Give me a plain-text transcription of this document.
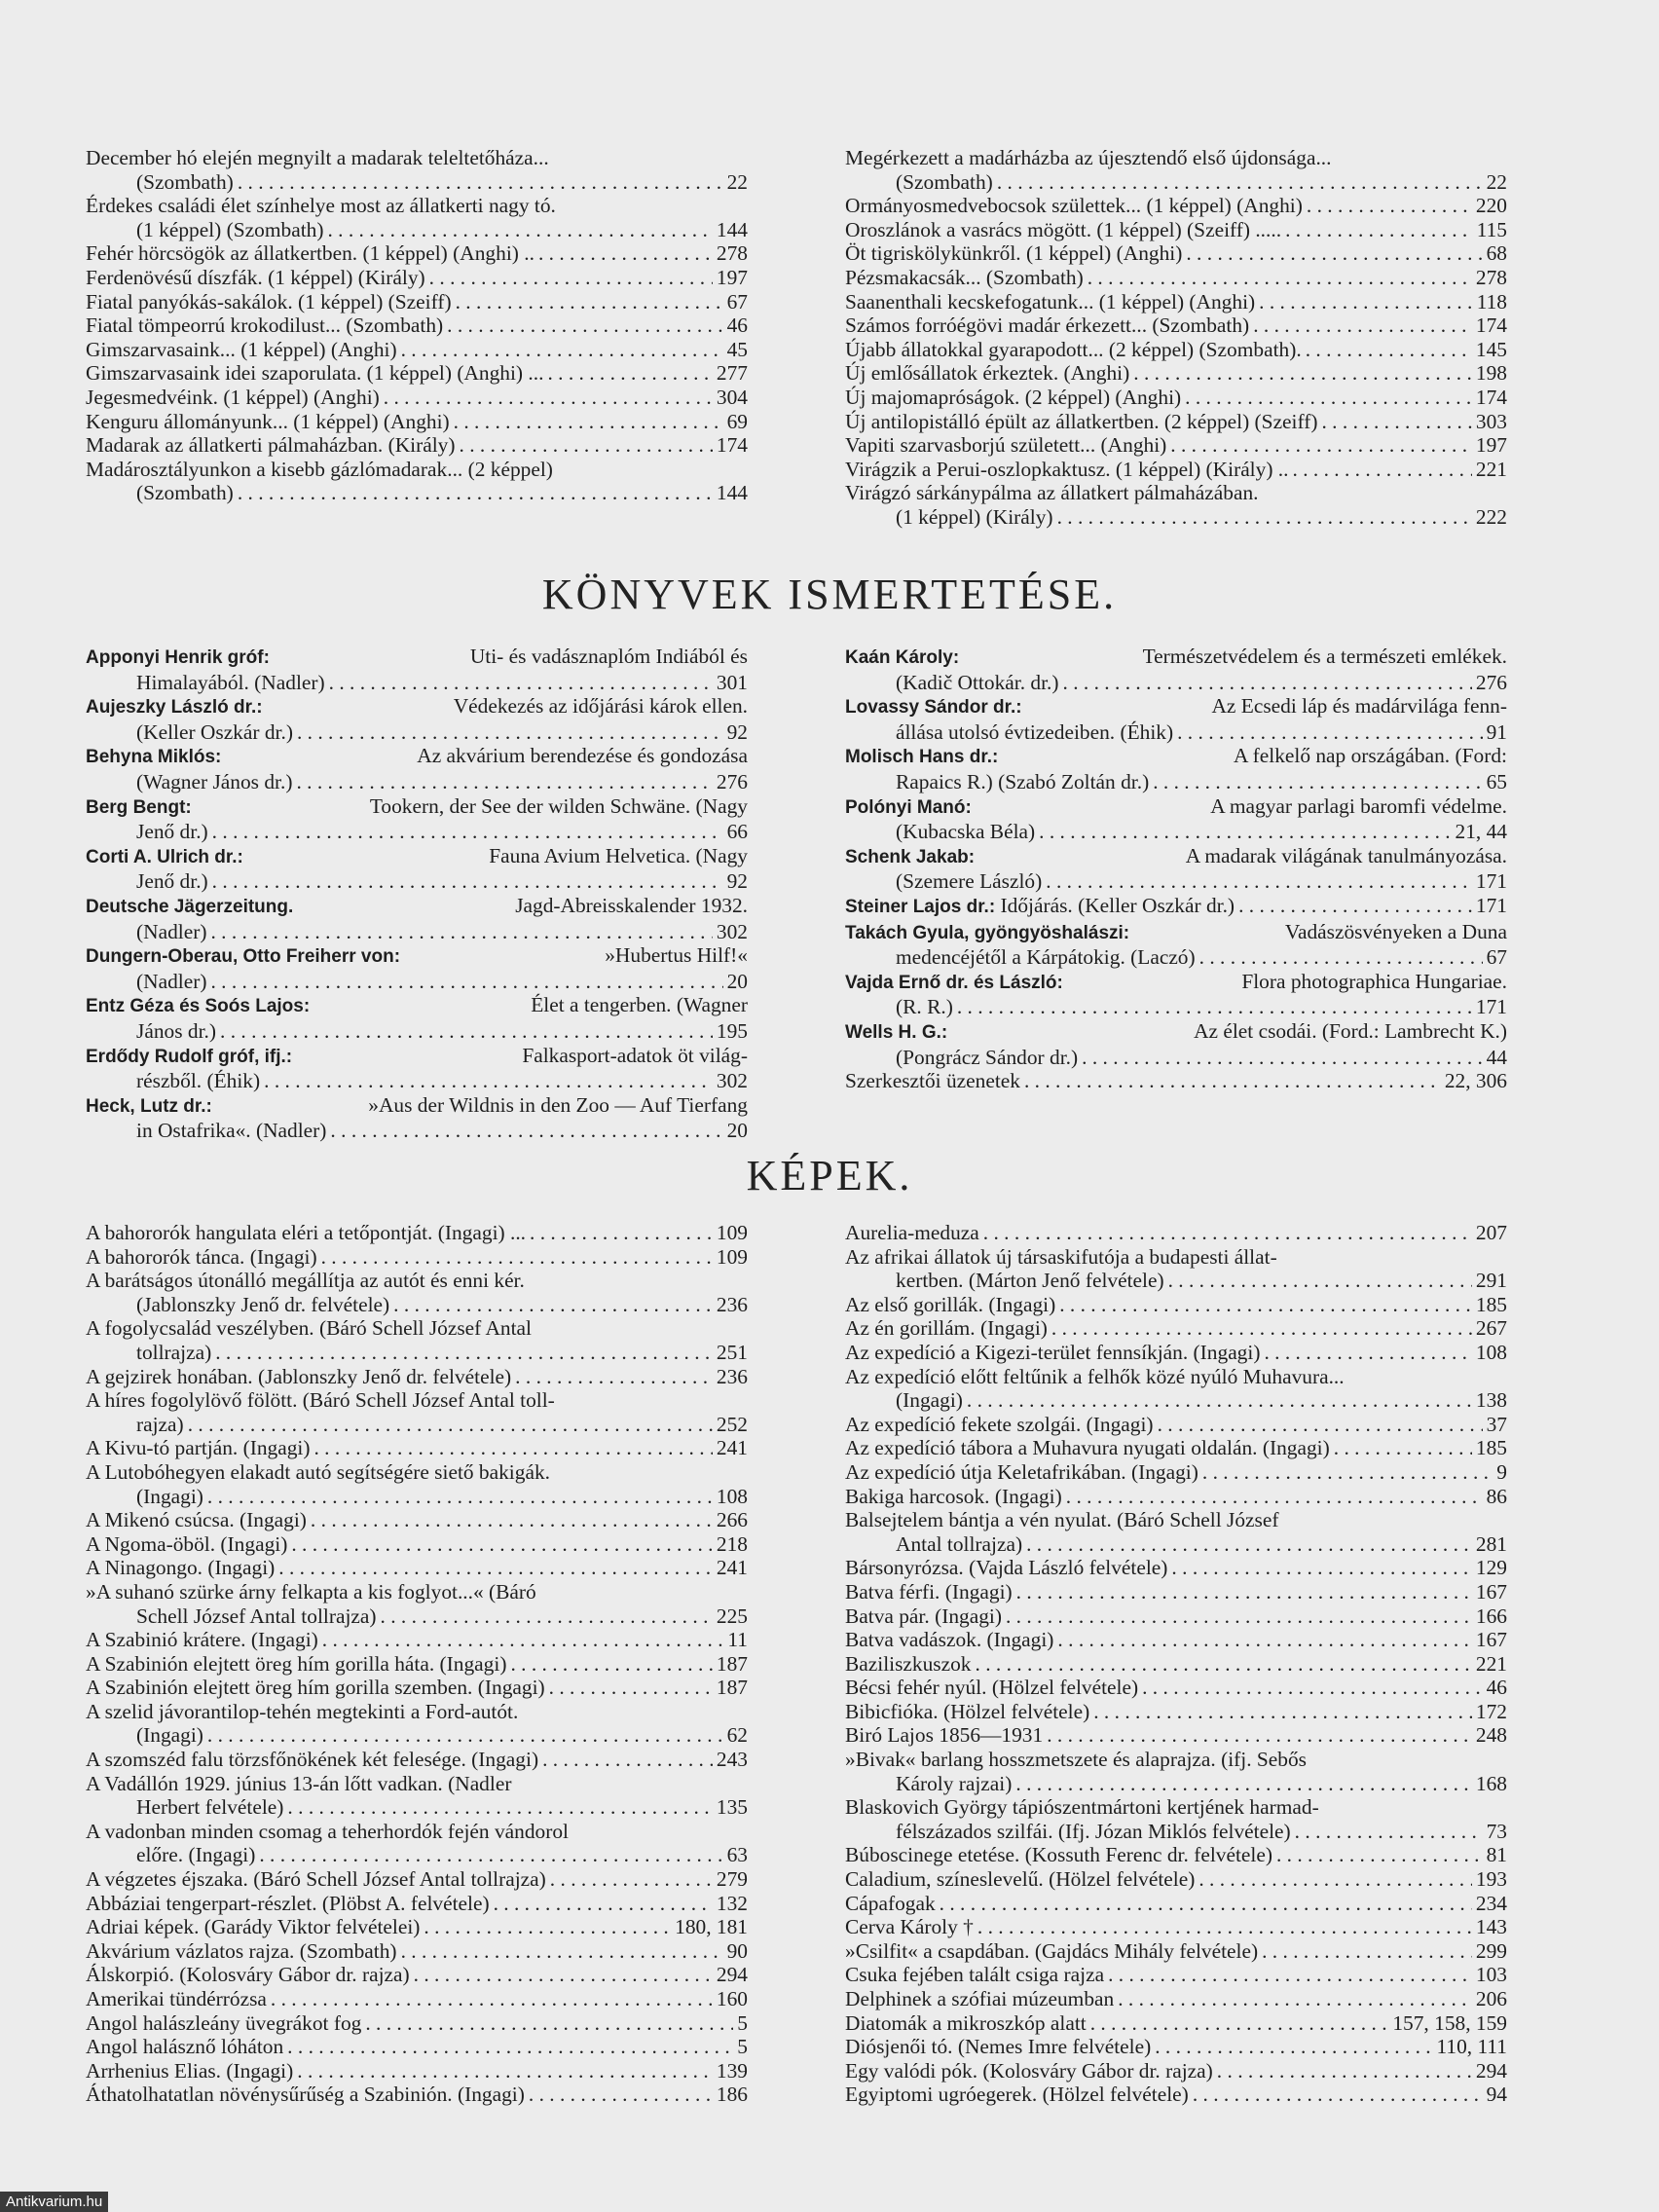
December hó elején megnyilt a madarak teleltetőháza...
(Szombath) . . .	22
Érdekes családi élet színhelye most az állatkerti nagy tó.
(1 képpel) (Szombath) . . .	144
Fehér hörcsögök az állatkertben. (1 képpel) (Anghi) .. . . .	278
Ferdenövésű díszfák. (1 képpel) (Király) . . .	197
Fiatal panyókás-sakálok. (1 képpel) (Szeiff) . . .	67
Fiatal tömpeorrú krokodilust... (Szombath) . . .	46
Gimszarvasaink... (1 képpel) (Anghi) . . .	45
Gimszarvasaink idei szaporulata. (1 képpel) (Anghi) ... . . .	277
Jegesmedvéink. (1 képpel) (Anghi) . . .	304
Kenguru állományunk... (1 képpel) (Anghi) . . .	69
Madarak az állatkerti pálmaházban. (Király) . . .	174
Madárosztályunkon a kisebb gázlómadarak... (2 képpel)
(Szombath) . . .	144
Megérkezett a madárházba az újesztendő első újdonsága...
(Szombath) . . .	22
Ormányosmedvebocsok születtek... (1 képpel) (Anghi) . . .	220
Oroszlánok a vasrács mögött. (1 képpel) (Szeiff) ..... . . .	115
Öt tigriskölykünkről. (1 képpel) (Anghi) . . .	68
Pézsmakacsák... (Szombath) . . .	278
Saanenthali kecskefogatunk... (1 képpel) (Anghi) . . .	118
Számos forróégövi madár érkezett... (Szombath) . . .	174
Újabb állatokkal gyarapodott... (2 képpel) (Szombath). . . .	145
Új emlősállatok érkeztek. (Anghi) . . .	198
Új majomapróságok. (2 képpel) (Anghi) . . .	174
Új antilopistálló épült az állatkertben. (2 képpel) (Szeiff) . . .	303
Vapiti szarvasborjú született... (Anghi) . . .	197
Virágzik a Perui-oszlopkaktusz. (1 képpel) (Király) .. . . .	221
Virágzó sárkánypálma az állatkert pálmaházában.
(1 képpel) (Király) . . .	222
KÖNYVEK ISMERTETÉSE.
Apponyi Henrik gróf:
	Uti- és vadásznaplóm Indiából és
Himalayából. (Nadler) . . .	301
Aujeszky László dr.:
	Védekezés az időjárási károk ellen.
(Keller Oszkár dr.) . . .	92
Behyna Miklós:
	Az akvárium berendezése és gondozása
(Wagner János dr.) . . .	276
Berg Bengt:
	Tookern, der See der wilden Schwäne. (Nagy
Jenő dr.) . . .	66
Corti A. Ulrich dr.:
	Fauna Avium Helvetica. (Nagy
Jenő dr.) . . .	92
Deutsche Jägerzeitung.
	Jagd-Abreisskalender 1932.
(Nadler) . . .	302
Dungern-Oberau, Otto Freiherr von:
	»Hubertus Hilf!«
(Nadler) . . .	20
Entz Géza és Soós Lajos:
	Élet a tengerben. (Wagner
János dr.) . . .	195
Erdődy Rudolf gróf, ifj.:
	Falkasport-adatok öt világ-
részből. (Éhik) . . .	302
Heck, Lutz dr.:
	»Aus der Wildnis in den Zoo — Auf Tierfang
in Ostafrika«. (Nadler) . . .	20
Kaán Károly:
	Természetvédelem és a természeti emlékek.
(Kadič Ottokár. dr.) . . .	276
Lovassy Sándor dr.:
	Az Ecsedi láp és madárvilága fenn-
állása utolsó évtizedeiben. (Éhik) . . .	91
Molisch Hans dr.:
	A felkelő nap országában. (Ford:
Rapaics R.) (Szabó Zoltán dr.) . . .	65
Polónyi Manó:
	A magyar parlagi baromfi védelme.
(Kubacska Béla) . . .	21, 44
Schenk Jakab:
	A madarak világának tanulmányozása.
(Szemere László) . . .	171
Steiner Lajos dr.:
Időjárás. (Keller Oszkár dr.) . . .	171
Takách Gyula, gyöngyöshalászi:
	Vadászösvényeken a Duna
medencéjétől a Kárpátokig. (Laczó) . . .	67
Vajda Ernő dr. és László:
	Flora photographica Hungariae.
(R. R.) . . .	171
Wells H. G.:
	Az élet csodái. (Ford.: Lambrecht K.)
(Pongrácz Sándor dr.) . . .	44
Szerkesztői üzenetek . . .	22, 306
KÉPEK.
A bahororók hangulata eléri a tetőpontját. (Ingagi) ... . . .	109
A bahororók tánca. (Ingagi) . . .	109
A barátságos útonálló megállítja az autót és enni kér.
(Jablonszky Jenő dr. felvétele) . . .	236
A fogolycsalád veszélyben. (Báró Schell József Antal
tollrajza) . . .	251
A gejzirek honában. (Jablonszky Jenő dr. felvétele) . . .	236
A híres fogolylövő fölött. (Báró Schell József Antal toll-
rajza) . . .	252
A Kivu-tó partján. (Ingagi) . . .	241
A Lutobóhegyen elakadt autó segítségére siető bakigák.
(Ingagi) . . .	108
A Mikenó csúcsa. (Ingagi) . . .	266
A Ngoma-öböl. (Ingagi) . . .	218
A Ninagongo. (Ingagi) . . .	241
»A suhanó szürke árny felkapta a kis foglyot...« (Báró
Schell József Antal tollrajza) . . .	225
A Szabinió krátere. (Ingagi) . . .	11
A Szabinión elejtett öreg hím gorilla háta. (Ingagi) . . .	187
A Szabinión elejtett öreg hím gorilla szemben. (Ingagi) . . .	187
A szelid jávorantilop-tehén megtekinti a Ford-autót.
(Ingagi) . . .	62
A szomszéd falu törzsfőnökének két felesége. (Ingagi) . . .	243
A Vadállón 1929. június 13-án lőtt vadkan. (Nadler
Herbert felvétele) . . .	135
A vadonban minden csomag a teherhordók fején vándorol
előre. (Ingagi) . . .	63
A végzetes éjszaka. (Báró Schell József Antal tollrajza) . . .	279
Abbáziai tengerpart-részlet. (Plöbst A. felvétele) . . .	132
Adriai képek. (Garády Viktor felvételei) . . .	180, 181
Akvárium vázlatos rajza. (Szombath) . . .	90
Álskorpió. (Kolosváry Gábor dr. rajza) . . .	294
Amerikai tündérrózsa . . .	160
Angol halászleány üvegrákot fog . . .	5
Angol halásznő lóháton . . .	5
Arrhenius Elias. (Ingagi) . . .	139
Áthatolhatatlan növénysűrűség a Szabinión. (Ingagi) . . .	186
Aurelia-meduza . . .	207
Az afrikai állatok új társaskifutója a budapesti állat-
kertben. (Márton Jenő felvétele) . . .	291
Az első gorillák. (Ingagi) . . .	185
Az én gorillám. (Ingagi) . . .	267
Az expedíció a Kigezi-terület fennsíkján. (Ingagi) . . .	108
Az expedíció előtt feltűnik a felhők közé nyúló Muhavura...
(Ingagi) . . .	138
Az expedíció fekete szolgái. (Ingagi) . . .	37
Az expedíció tábora a Muhavura nyugati oldalán. (Ingagi) . . .	185
Az expedíció útja Keletafrikában. (Ingagi) . . .	9
Bakiga harcosok. (Ingagi) . . .	86
Balsejtelem bántja a vén nyulat. (Báró Schell József
Antal tollrajza) . . .	281
Bársonyrózsa. (Vajda László felvétele) . . .	129
Batva férfi. (Ingagi) . . .	167
Batva pár. (Ingagi) . . .	166
Batva vadászok. (Ingagi) . . .	167
Baziliszkuszok . . .	221
Bécsi fehér nyúl. (Hölzel felvétele) . . .	46
Bibicfióka. (Hölzel felvétele) . . .	172
Biró Lajos 1856—1931 . . .	248
»Bivak« barlang hosszmetszete és alaprajza. (ifj. Sebős
Károly rajzai) . . .	168
Blaskovich György tápiószentmártoni kertjének harmad-
félszázados szilfái. (Ifj. Józan Miklós felvétele) . . .	73
Búboscinege etetése. (Kossuth Ferenc dr. felvétele) . . .	81
Caladium, színeslevelű. (Hölzel felvétele) . . .	193
Cápafogak . . .	234
Cerva Károly † . . .	143
»Csilfit« a csapdában. (Gajdács Mihály felvétele) . . .	299
Csuka fejében talált csiga rajza . . .	103
Delphinek a szófiai múzeumban . . .	206
Diatomák a mikroszkóp alatt . . .	157, 158, 159
Diósjenői tó. (Nemes Imre felvétele) . . .	110, 111
Egy valódi pók. (Kolosváry Gábor dr. rajza) . . .	294
Egyiptomi ugróegerek. (Hölzel felvétele) . . .	94
Antikvarium.hu
